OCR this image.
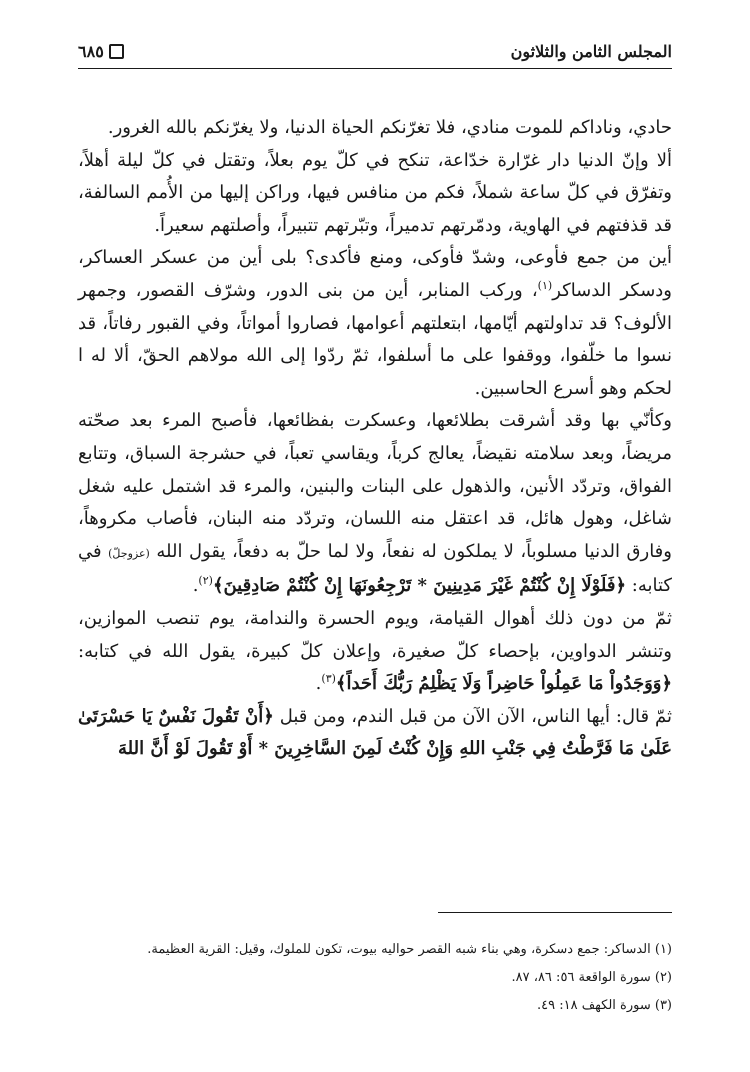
المجلس الثامن والثلاثون
٦٨٥

حادي، وناداكم للموت منادي، فلا تغرّنكم الحياة الدنيا، ولا يغرّنكم بالله الغرور.

ألا وإنّ الدنيا دار غرّارة خدّاعة، تنكح في كلّ يوم بعلاً، وتقتل في كلّ ليلة أهلاً، وتفرّق في كلّ ساعة شملاً، فكم من منافس فيها، وراكن إليها من الأُمم السالفة، قد قذفتهم في الهاوية، ودمّرتهم تدميراً، وتبّرتهم تتبيراً، وأصلتهم سعيراً.

أين من جمع فأوعى، وشدّ فأوكى، ومنع فأكدى؟ بلى أين من عسكر العساكر، ودسكر الدساكر$^{(١)}$، وركب المنابر، أين من بنى الدور، وشرّف القصور، وجمهر الألوف؟ قد تداولتهم أيّامها، ابتعلتهم أعوامها، فصاروا أمواتاً، وفي القبور رفاتاً، قد نسوا ما خلّفوا، ووقفوا على ما أسلفوا، ثمّ ردّوا إلى الله مولاهم الحقّ، ألا له ا لحكم وهو أسرع الحاسبين.

وكأنّي بها وقد أشرقت بطلائعها، وعسكرت بفظائعها، فأصبح المرء بعد صحّته مريضاً، وبعد سلامته نقيضاً، يعالج كرباً، ويقاسي تعباً، في حشرجة السباق، وتتابع الفواق، وتردّد الأنين، والذهول على البنات والبنين، والمرء قد اشتمل عليه شغل شاغل، وهول هائل، قد اعتقل منه اللسان، وتردّد منه البنان، فأصاب مكروهاً، وفارق الدنيا مسلوباً، لا يملكون له نفعاً، ولا لما حلّ به دفعاً، يقول الله (عزوجلّ) في كتابه: ﴿فَلَوْلَا إِنْ كُنْتُمْ غَيْرَ مَدِينِينَ * تَرْجِعُونَهَا إِنْ كُنْتُمْ صَادِقِينَ﴾$^{(٢)}$.

ثمّ من دون ذلك أهوال القيامة، ويوم الحسرة والندامة، يوم تنصب الموازين، وتنشر الدواوين، بإحصاء كلّ صغيرة، وإعلان كلّ كبيرة، يقول الله في كتابه: ﴿وَوَجَدُواْ مَا عَمِلُواْ حَاضِراً وَلَا يَظْلِمُ رَبُّكَ أَحَداً﴾$^{(٣)}$.

ثمّ قال: أيها الناس، الآن الآن من قبل الندم، ومن قبل ﴿أَنْ تَقُولَ نَفْسٌ يَا حَسْرَتَىٰ عَلَىٰ مَا فَرَّطْتُ فِي جَنْبِ اللهِ وَإِنْ كُنْتُ لَمِنَ السَّاخِرِينَ * أَوْ تَقُولَ لَوْ أَنَّ اللهَ

(١) الدساكر: جمع دسكرة، وهي بناء شبه القصر حواليه بيوت، تكون للملوك، وقيل: القرية العظيمة.

(٢) سورة الواقعة ٥٦: ٨٦، ٨٧.

(٣) سورة الكهف ١٨: ٤٩.
